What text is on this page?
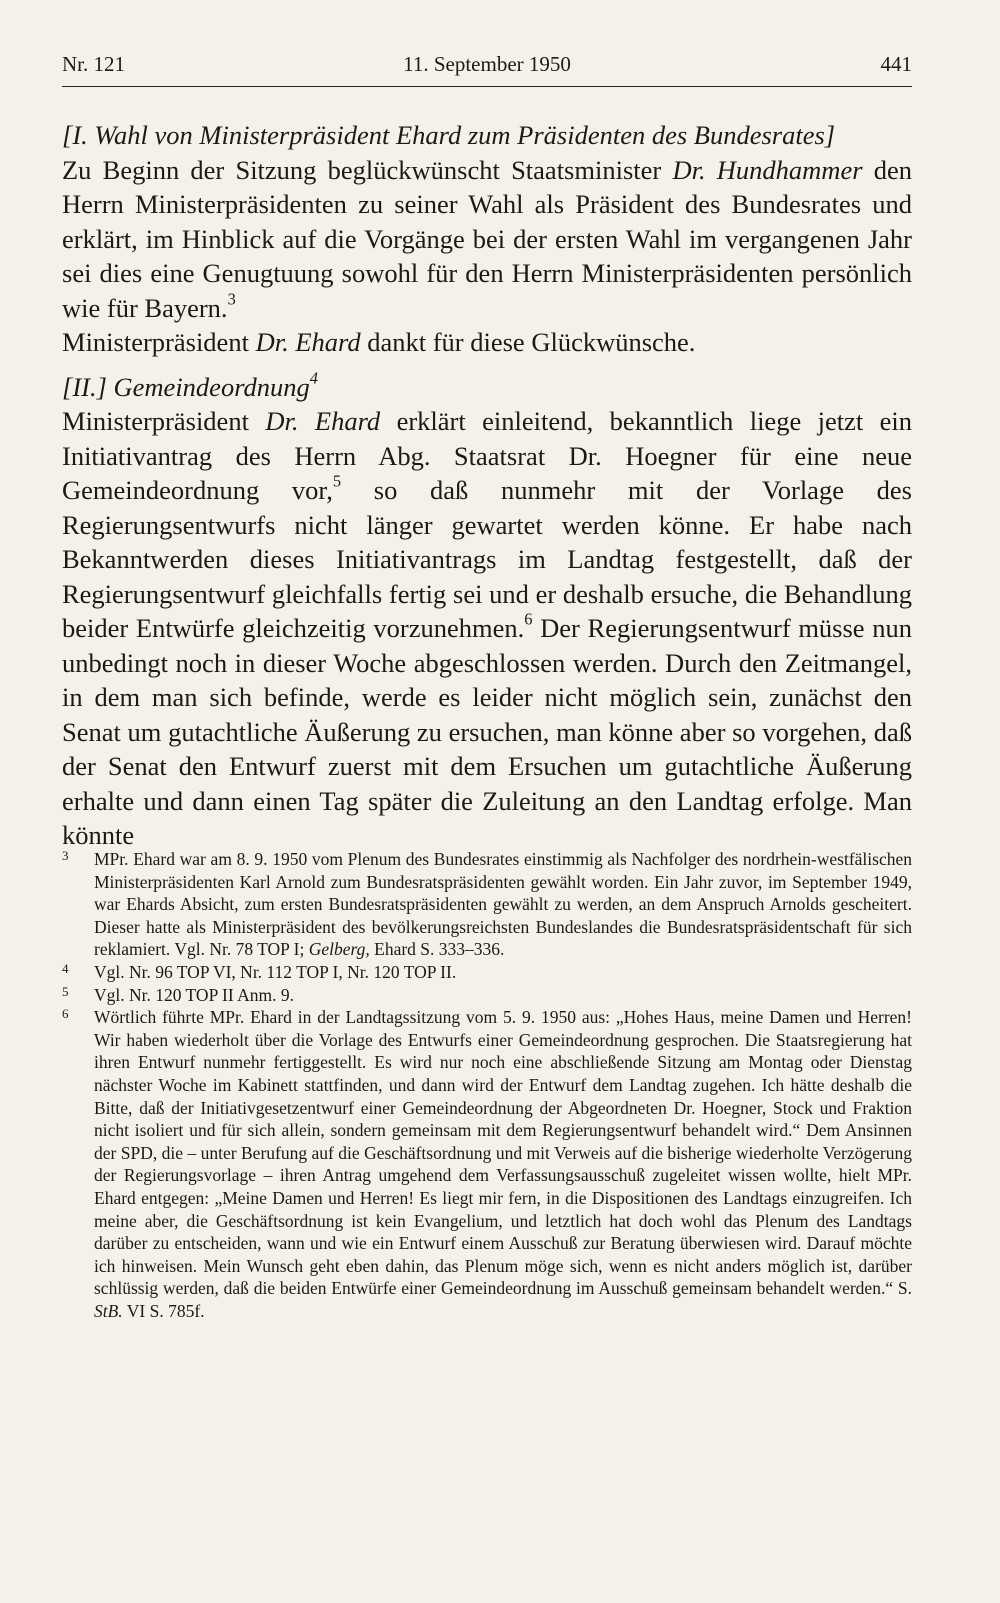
Nr. 121	11. September 1950	441

[I. Wahl von Ministerpräsident Ehard zum Präsidenten des Bundesrates]

Zu Beginn der Sitzung beglückwünscht Staatsminister Dr. Hundhammer den Herrn Ministerpräsidenten zu seiner Wahl als Präsident des Bundesrates und erklärt, im Hinblick auf die Vorgänge bei der ersten Wahl im vergangenen Jahr sei dies eine Genugtuung sowohl für den Herrn Ministerpräsidenten persönlich wie für Bayern.$^3$

Ministerpräsident Dr. Ehard dankt für diese Glückwünsche.

[II.] Gemeindeordnung$^4$

Ministerpräsident Dr. Ehard erklärt einleitend, bekanntlich liege jetzt ein Initiativantrag des Herrn Abg. Staatsrat Dr. Hoegner für eine neue Gemeindeordnung vor,$^5$ so daß nunmehr mit der Vorlage des Regierungsentwurfs nicht länger gewartet werden könne. Er habe nach Bekanntwerden dieses Initiativantrags im Landtag festgestellt, daß der Regierungsentwurf gleichfalls fertig sei und er deshalb ersuche, die Behandlung beider Entwürfe gleichzeitig vorzunehmen.$^6$ Der Regierungsentwurf müsse nun unbedingt noch in dieser Woche abgeschlossen werden. Durch den Zeitmangel, in dem man sich befinde, werde es leider nicht möglich sein, zunächst den Senat um gutachtliche Äußerung zu ersuchen, man könne aber so vorgehen, daß der Senat den Entwurf zuerst mit dem Ersuchen um gutachtliche Äußerung erhalte und dann einen Tag später die Zuleitung an den Landtag erfolge. Man könnte

3 MPr. Ehard war am 8. 9. 1950 vom Plenum des Bundesrates einstimmig als Nachfolger des nordrhein-westfälischen Ministerpräsidenten Karl Arnold zum Bundesratspräsidenten gewählt worden. Ein Jahr zuvor, im September 1949, war Ehards Absicht, zum ersten Bundesratspräsidenten gewählt zu werden, an dem Anspruch Arnolds gescheitert. Dieser hatte als Ministerpräsident des bevölkerungsreichsten Bundeslandes die Bundesratspräsidentschaft für sich reklamiert. Vgl. Nr. 78 TOP I; Gelberg, Ehard S. 333–336.
4 Vgl. Nr. 96 TOP VI, Nr. 112 TOP I, Nr. 120 TOP II.
5 Vgl. Nr. 120 TOP II Anm. 9.
6 Wörtlich führte MPr. Ehard in der Landtagssitzung vom 5. 9. 1950 aus: „Hohes Haus, meine Damen und Herren! Wir haben wiederholt über die Vorlage des Entwurfs einer Gemeindeordnung gesprochen. Die Staatsregierung hat ihren Entwurf nunmehr fertiggestellt. Es wird nur noch eine abschließende Sitzung am Montag oder Dienstag nächster Woche im Kabinett stattfinden, und dann wird der Entwurf dem Landtag zugehen. Ich hätte deshalb die Bitte, daß der Initiativgesetzentwurf einer Gemeindeordnung der Abgeordneten Dr. Hoegner, Stock und Fraktion nicht isoliert und für sich allein, sondern gemeinsam mit dem Regierungsentwurf behandelt wird.“ Dem Ansinnen der SPD, die – unter Berufung auf die Geschäftsordnung und mit Verweis auf die bisherige wiederholte Verzögerung der Regierungsvorlage – ihren Antrag umgehend dem Verfassungsausschuß zugeleitet wissen wollte, hielt MPr. Ehard entgegen: „Meine Damen und Herren! Es liegt mir fern, in die Dispositionen des Landtags einzugreifen. Ich meine aber, die Geschäftsordnung ist kein Evangelium, und letztlich hat doch wohl das Plenum des Landtags darüber zu entscheiden, wann und wie ein Entwurf einem Ausschuß zur Beratung überwiesen wird. Darauf möchte ich hinweisen. Mein Wunsch geht eben dahin, das Plenum möge sich, wenn es nicht anders möglich ist, darüber schlüssig werden, daß die beiden Entwürfe einer Gemeindeordnung im Ausschuß gemeinsam behandelt werden.“ S. StB. VI S. 785f.
